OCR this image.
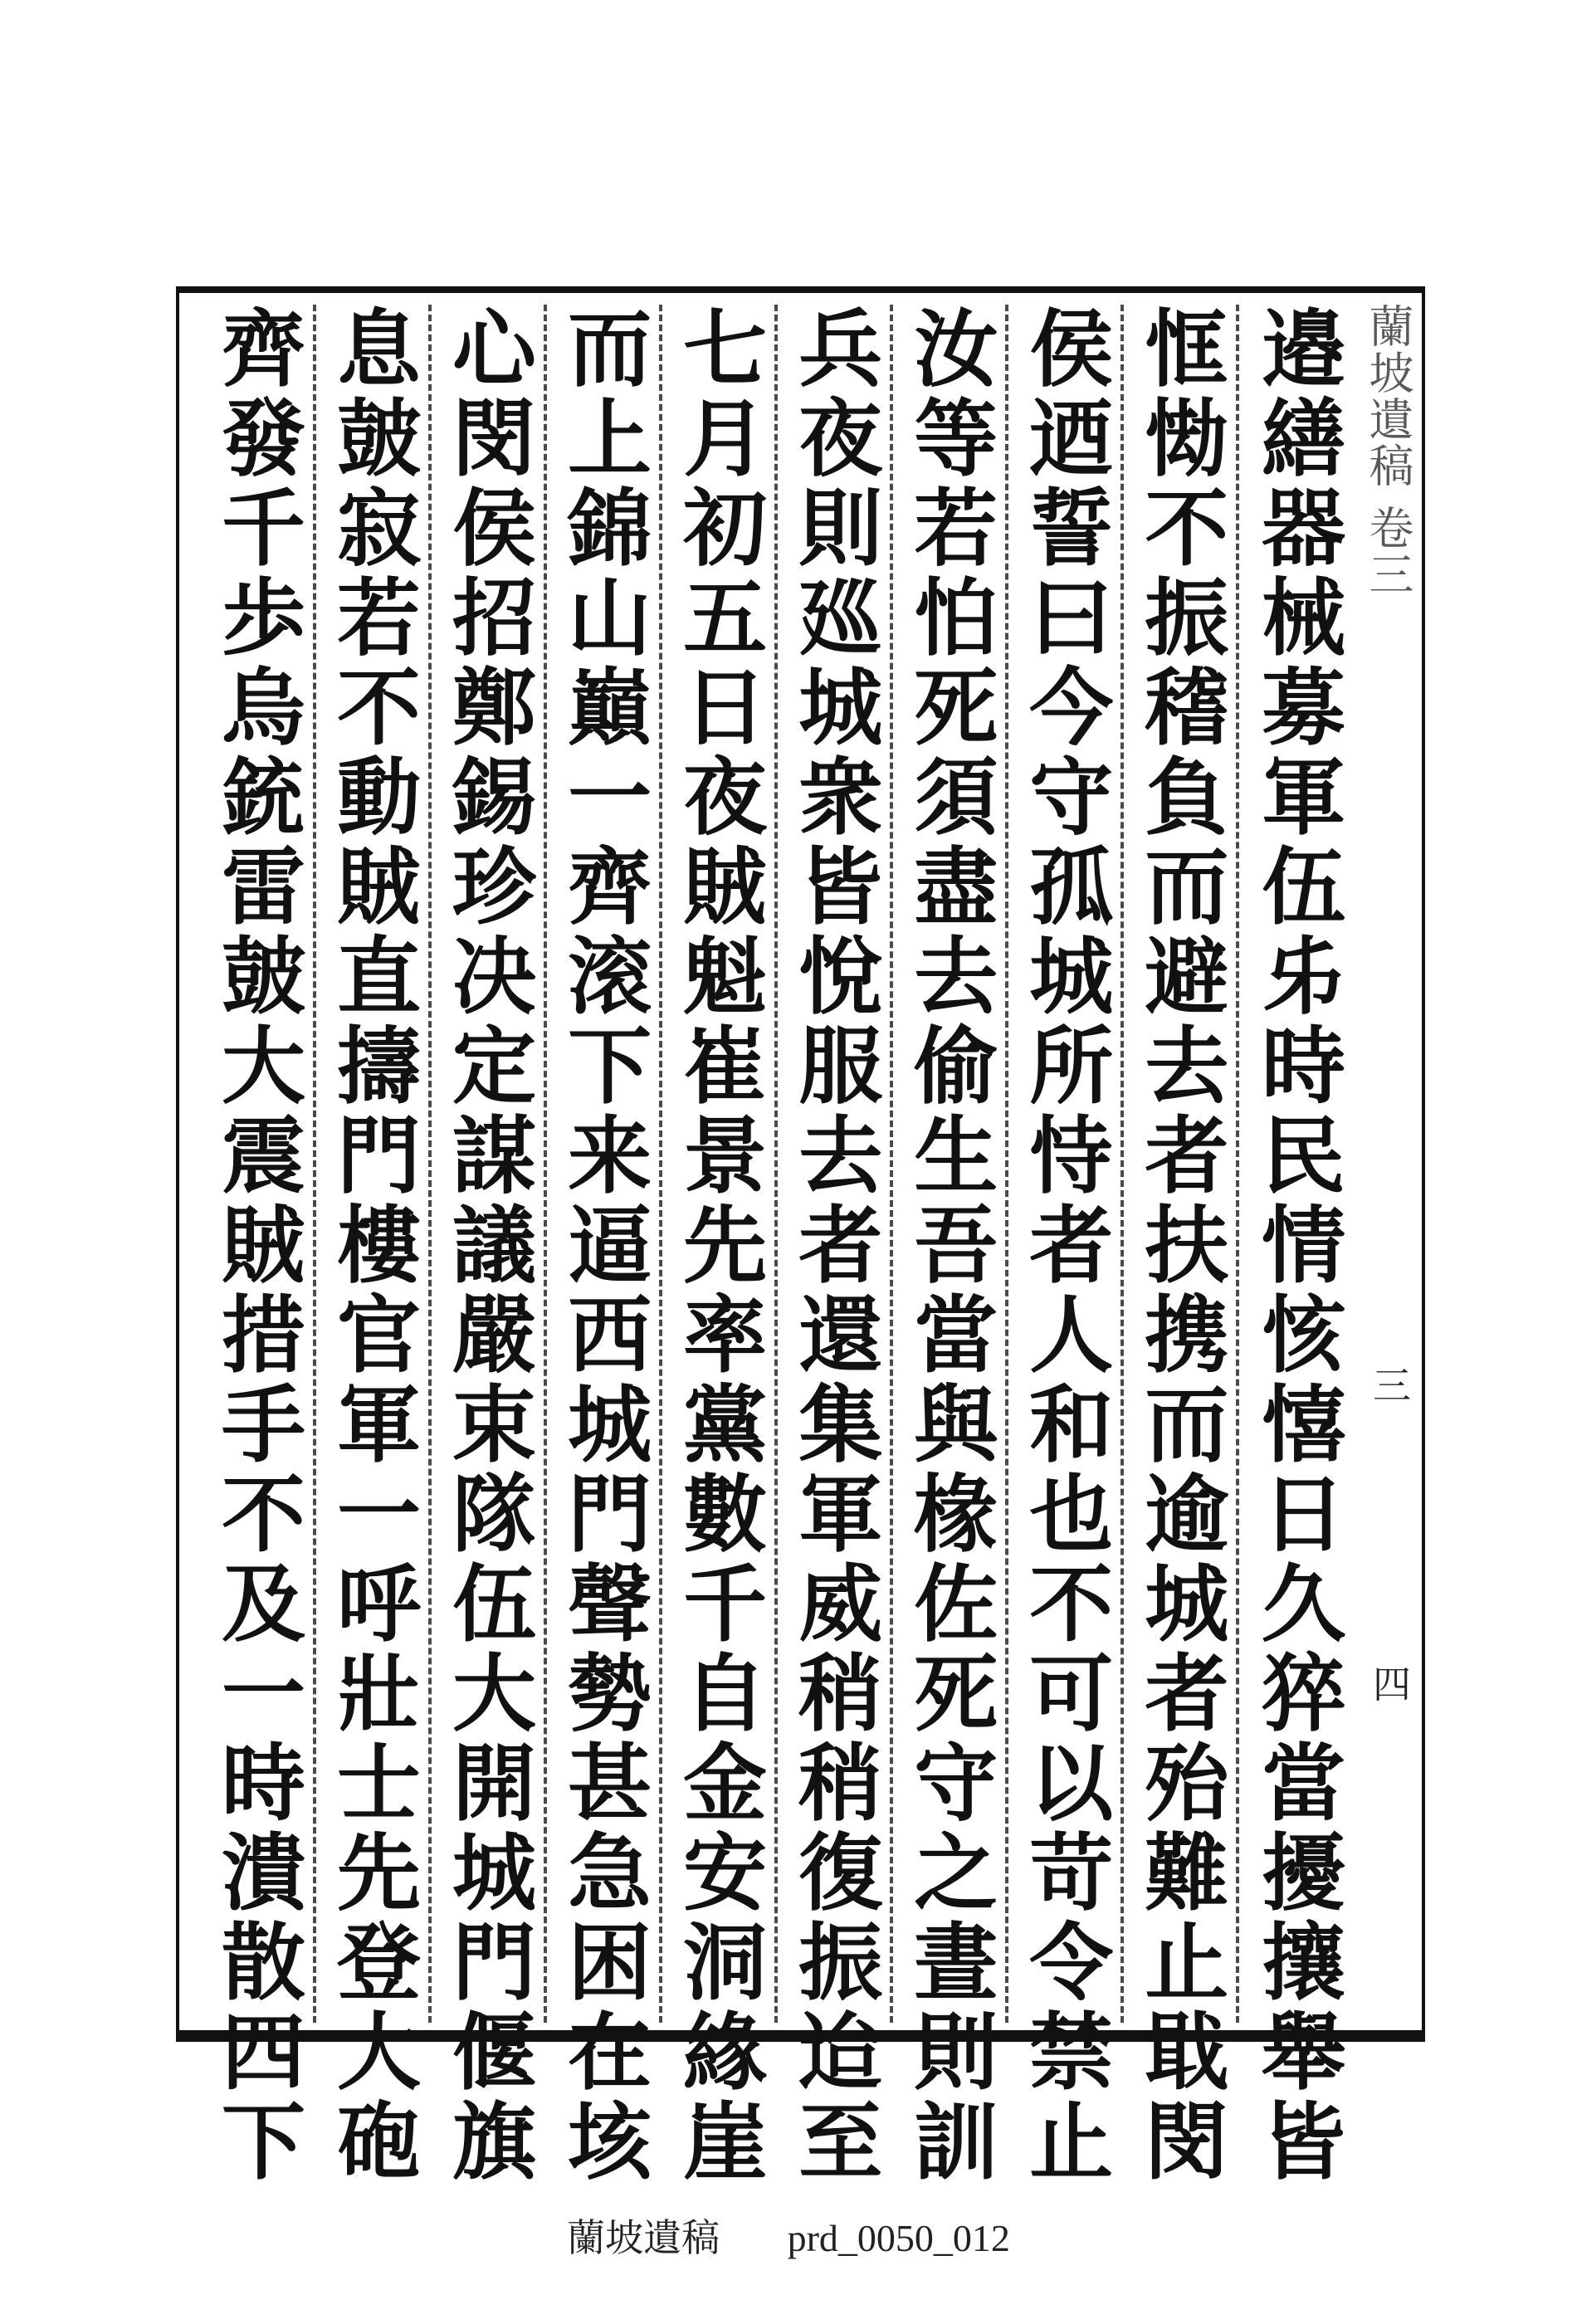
蘭坡遺稿 卷三
三
四
邉繕器械募軍伍𠂔時民情㤥憘日久猝當擾攘舉皆
恇㤼不振𥡴負而避去者扶携而逾城者殆難止戢閔
侯迺誓曰今守孤城所恃者人和也不可以苛令禁止
汝等若怕死須盡去偷生吾當與椽佐死守之晝則訓
兵夜則廵城衆皆悅服去者還集軍威稍稍復振迨至
七月初五日夜賊魁崔景先率黨數千自金安洞緣崖
而上錦山巔一齊滚下来逼西城門聲勢甚急困在垓
心閔侯招鄭錫珍决定謀議嚴束隊伍大開城門偃旗
息皷寂若不動賊直擣門樓官軍一呼壯士先登大砲
齊發千歩烏銃雷皷大震賊措手不及一時潰散四下
蘭坡遺稿 prd_0050_012
